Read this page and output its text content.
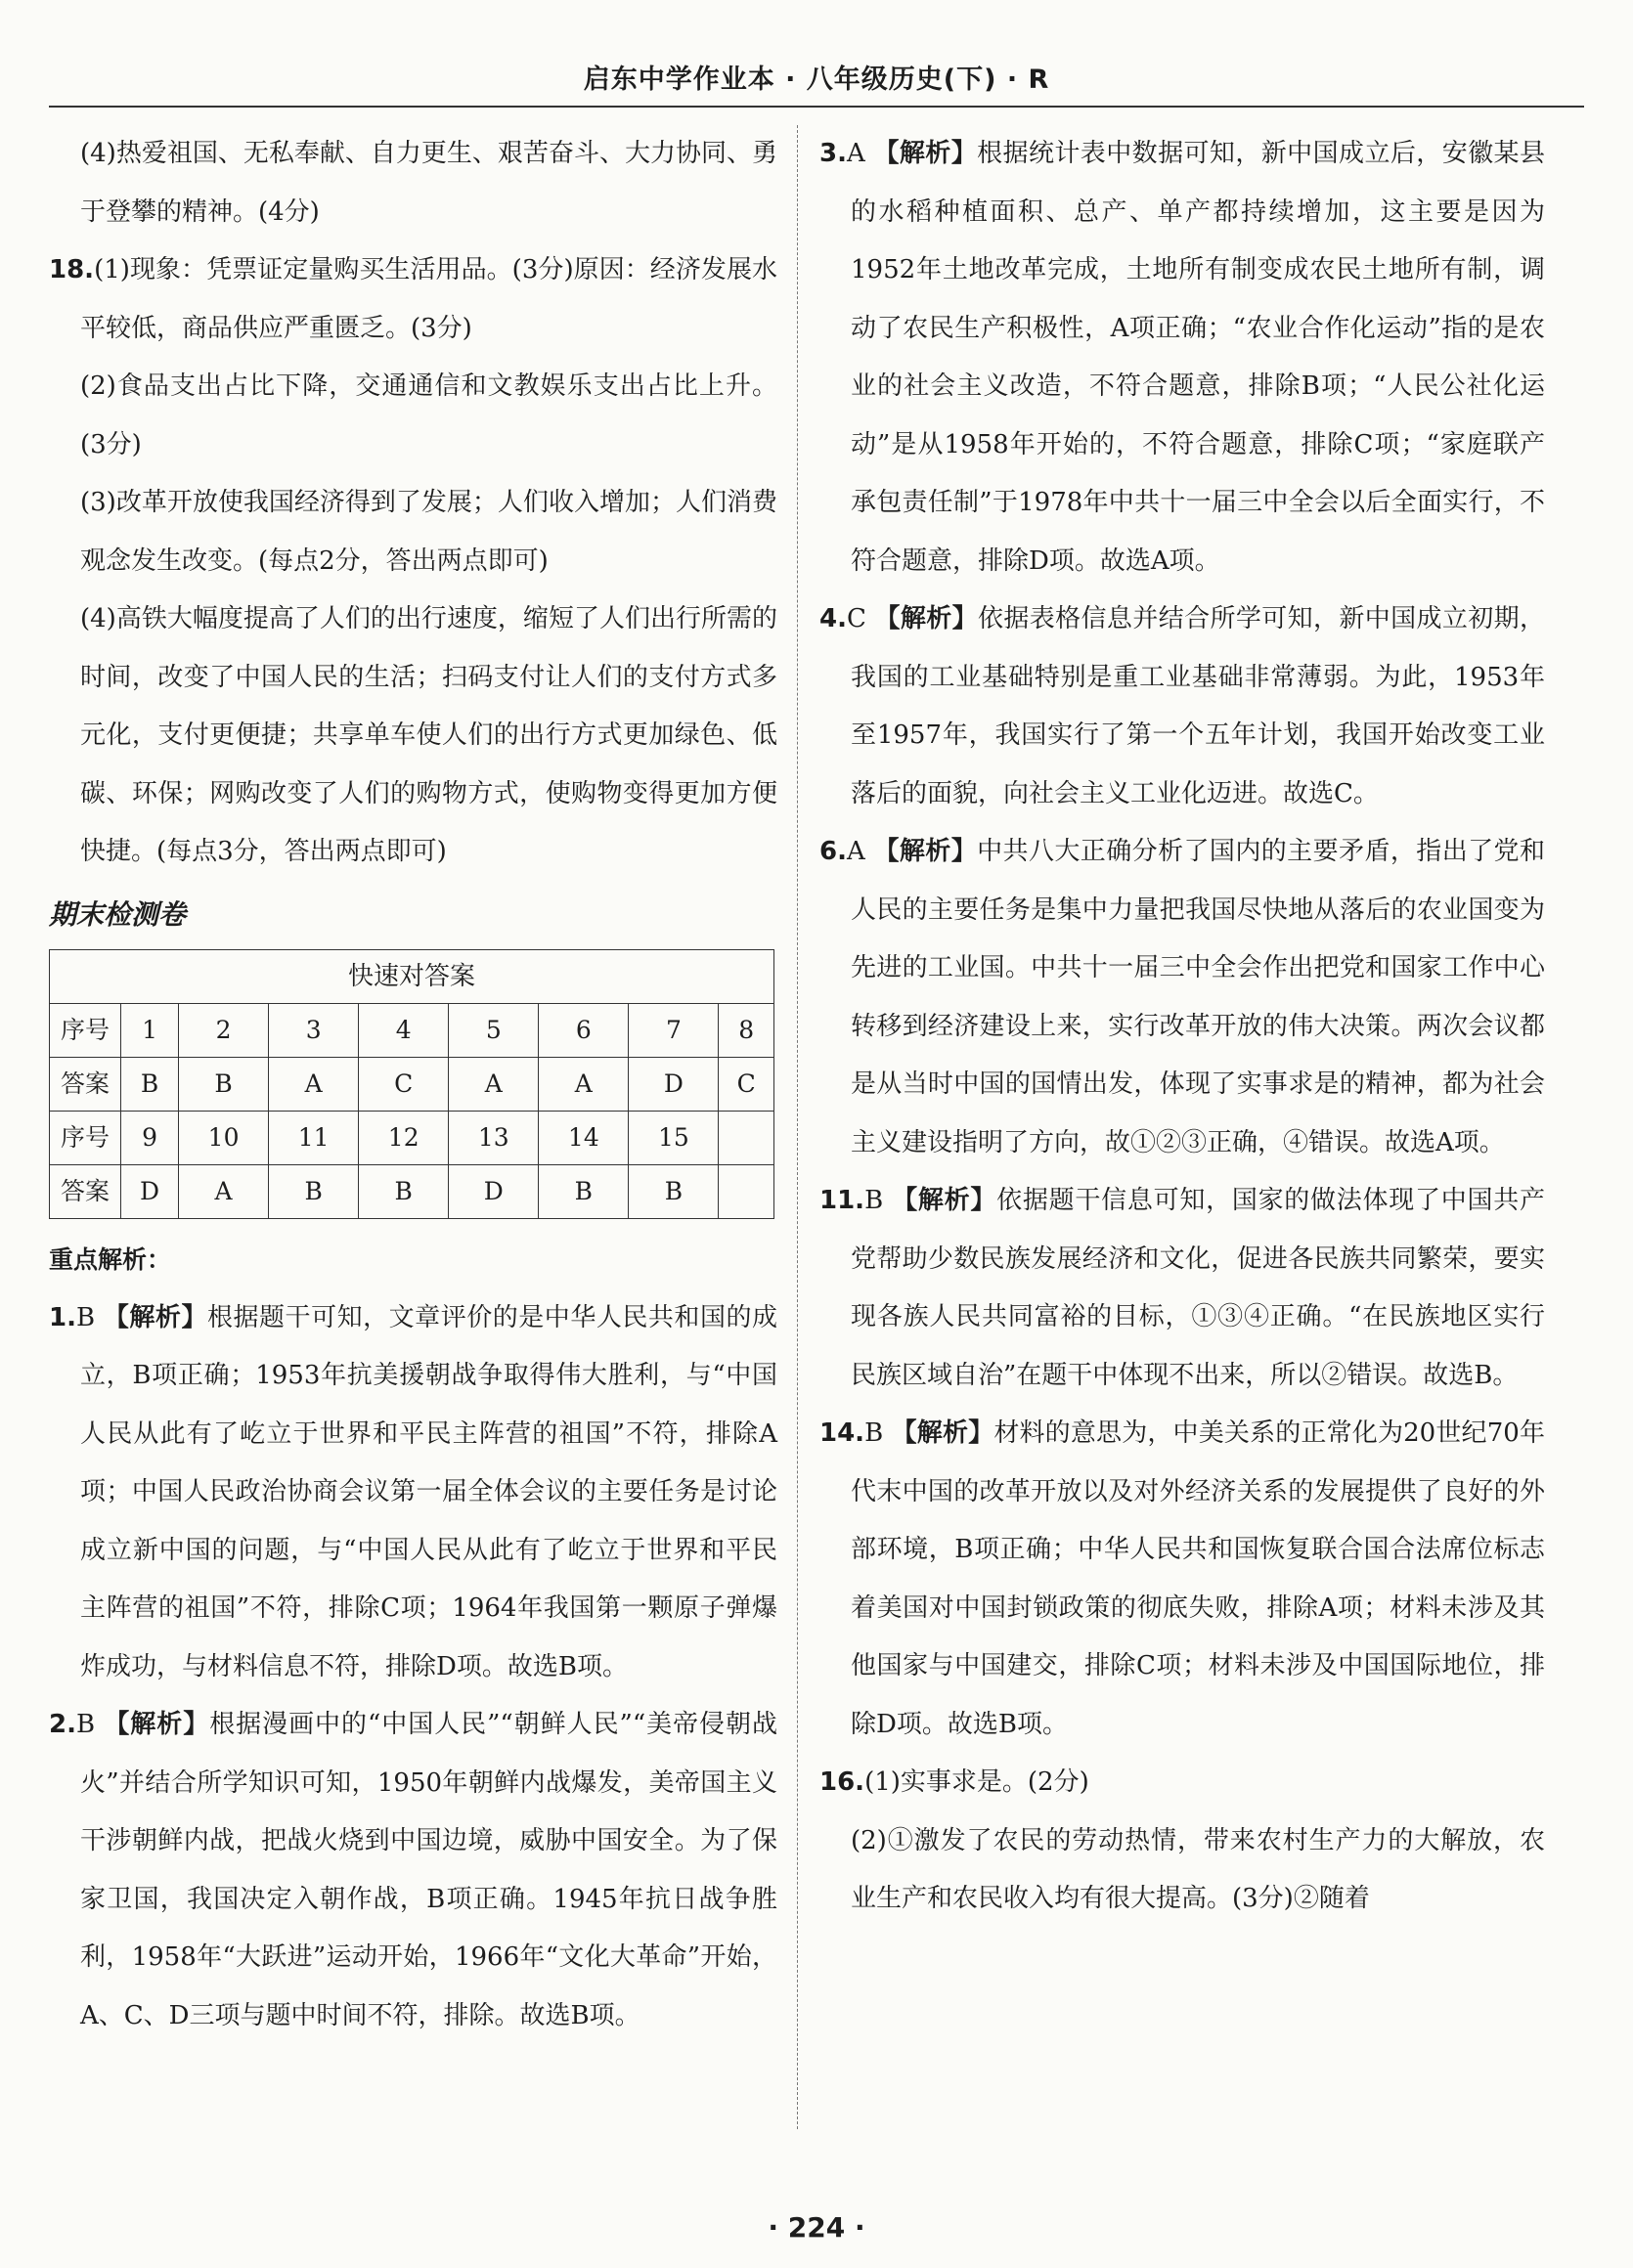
启东中学作业本 · 八年级历史(下) · R
(4)热爱祖国、无私奉献、自力更生、艰苦奋斗、大力协同、勇于登攀的精神。(4分)
18.(1)现象：凭票证定量购买生活用品。(3分)原因：经济发展水平较低，商品供应严重匮乏。(3分)
(2)食品支出占比下降，交通通信和文教娱乐支出占比上升。(3分)
(3)改革开放使我国经济得到了发展；人们收入增加；人们消费观念发生改变。(每点2分，答出两点即可)
(4)高铁大幅度提高了人们的出行速度，缩短了人们出行所需的时间，改变了中国人民的生活；扫码支付让人们的支付方式多元化，支付更便捷；共享单车使人们的出行方式更加绿色、低碳、环保；网购改变了人们的购物方式，使购物变得更加方便快捷。(每点3分，答出两点即可)
期末检测卷
快速对答案								
序号	1	2	3	4	5	6	7	8
答案	B	B	A	C	A	A	D	C
序号	9	10	11	12	13	14	15	
答案	D	A	B	B	D	B	B	
重点解析：
1.B 【解析】根据题干可知，文章评价的是中华人民共和国的成立，B项正确；1953年抗美援朝战争取得伟大胜利，与“中国人民从此有了屹立于世界和平民主阵营的祖国”不符，排除A项；中国人民政治协商会议第一届全体会议的主要任务是讨论成立新中国的问题，与“中国人民从此有了屹立于世界和平民主阵营的祖国”不符，排除C项；1964年我国第一颗原子弹爆炸成功，与材料信息不符，排除D项。故选B项。
2.B 【解析】根据漫画中的“中国人民”“朝鲜人民”“美帝侵朝战火”并结合所学知识可知，1950年朝鲜内战爆发，美帝国主义干涉朝鲜内战，把战火烧到中国边境，威胁中国安全。为了保家卫国，我国决定入朝作战，B项正确。1945年抗日战争胜利，1958年“大跃进”运动开始，1966年“文化大革命”开始，A、C、D三项与题中时间不符，排除。故选B项。
3.A 【解析】根据统计表中数据可知，新中国成立后，安徽某县的水稻种植面积、总产、单产都持续增加，这主要是因为1952年土地改革完成，土地所有制变成农民土地所有制，调动了农民生产积极性，A项正确；“农业合作化运动”指的是农业的社会主义改造，不符合题意，排除B项；“人民公社化运动”是从1958年开始的，不符合题意，排除C项；“家庭联产承包责任制”于1978年中共十一届三中全会以后全面实行，不符合题意，排除D项。故选A项。
4.C 【解析】依据表格信息并结合所学可知，新中国成立初期，我国的工业基础特别是重工业基础非常薄弱。为此，1953年至1957年，我国实行了第一个五年计划，我国开始改变工业落后的面貌，向社会主义工业化迈进。故选C。
6.A 【解析】中共八大正确分析了国内的主要矛盾，指出了党和人民的主要任务是集中力量把我国尽快地从落后的农业国变为先进的工业国。中共十一届三中全会作出把党和国家工作中心转移到经济建设上来，实行改革开放的伟大决策。两次会议都是从当时中国的国情出发，体现了实事求是的精神，都为社会主义建设指明了方向，故①②③正确，④错误。故选A项。
11.B 【解析】依据题干信息可知，国家的做法体现了中国共产党帮助少数民族发展经济和文化，促进各民族共同繁荣，要实现各族人民共同富裕的目标，①③④正确。“在民族地区实行民族区域自治”在题干中体现不出来，所以②错误。故选B。
14.B 【解析】材料的意思为，中美关系的正常化为20世纪70年代末中国的改革开放以及对外经济关系的发展提供了良好的外部环境，B项正确；中华人民共和国恢复联合国合法席位标志着美国对中国封锁政策的彻底失败，排除A项；材料未涉及其他国家与中国建交，排除C项；材料未涉及中国国际地位，排除D项。故选B项。
16.(1)实事求是。(2分)
(2)①激发了农民的劳动热情，带来农村生产力的大解放，农业生产和农民收入均有很大提高。(3分)②随着
· 224 ·
